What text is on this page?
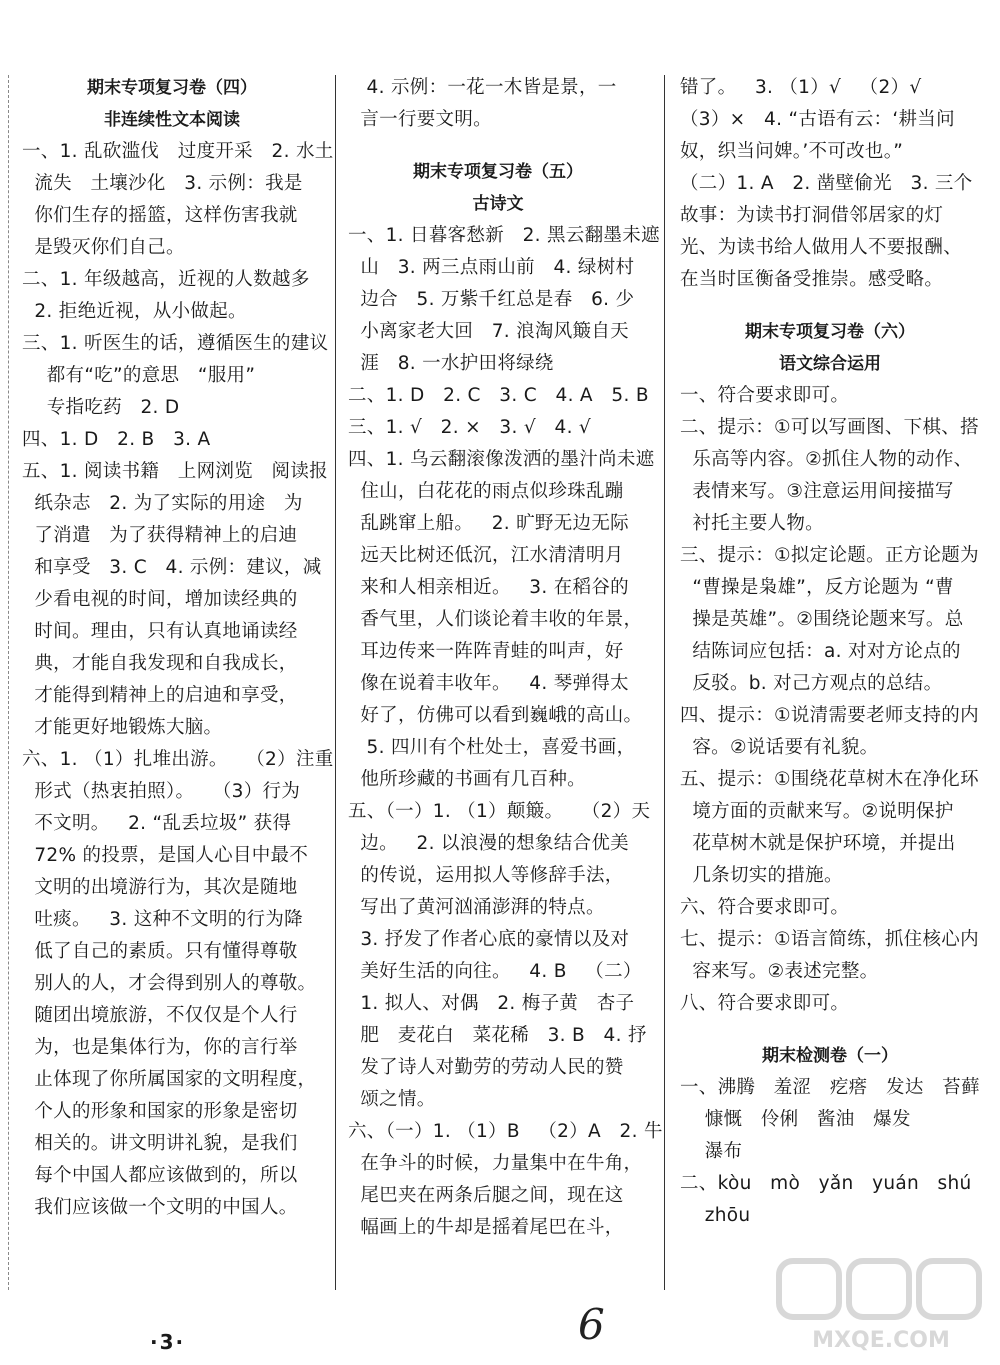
期末专项复习卷（四）
非连续性文本阅读
一、1. 乱砍滥伐   过度开采   2. 水土
流失   土壤沙化   3. 示例：我是
你们生存的摇篮，这样伤害我就
是毁灭你们自己。
二、1. 年级越高，近视的人数越多
2. 拒绝近视，从小做起。
三、1. 听医生的话，遵循医生的建议
都有“吃”的意思   “服用”
专指吃药   2. D
四、1. D   2. B   3. A
五、1. 阅读书籍   上网浏览   阅读报
纸杂志   2. 为了实际的用途   为
了消遣   为了获得精神上的启迪
和享受   3. C   4. 示例：建议，减
少看电视的时间，增加读经典的
时间。理由，只有认真地诵读经
典，才能自我发现和自我成长，
才能得到精神上的启迪和享受，
才能更好地锻炼大脑。
六、1. （1）扎堆出游。   （2）注重
形式（热衷拍照）。   （3）行为
不文明。   2. “乱丢垃圾” 获得
72% 的投票，是国人心目中最不
文明的出境游行为，其次是随地
吐痰。   3. 这种不文明的行为降
低了自己的素质。只有懂得尊敬
别人的人，才会得到别人的尊敬。
随团出境旅游，不仅仅是个人行
为，也是集体行为，你的言行举
止体现了你所属国家的文明程度，
个人的形象和国家的形象是密切
相关的。讲文明讲礼貌，是我们
每个中国人都应该做到的，所以
我们应该做一个文明的中国人。
4. 示例：一花一木皆是景，一
言一行要文明。
期末专项复习卷（五）
古诗文
一、1. 日暮客愁新   2. 黑云翻墨未遮
山   3. 两三点雨山前   4. 绿树村
边合   5. 万紫千红总是春   6. 少
小离家老大回   7. 浪淘风簸自天
涯   8. 一水护田将绿绕
二、1. D   2. C   3. C   4. A   5. B
三、1. √   2. ×   3. √   4. √
四、1. 乌云翻滚像泼洒的墨汁尚未遮
住山，白花花的雨点似珍珠乱蹦
乱跳窜上船。   2. 旷野无边无际
远天比树还低沉，江水清清明月
来和人相亲相近。   3. 在稻谷的
香气里，人们谈论着丰收的年景，
耳边传来一阵阵青蛙的叫声，好
像在说着丰收年。   4. 琴弹得太
好了，仿佛可以看到巍峨的高山。
5. 四川有个杜处士，喜爱书画，
他所珍藏的书画有几百种。
五、（一）1. （1）颠簸。   （2）天
边。   2. 以浪漫的想象结合优美
的传说，运用拟人等修辞手法，
写出了黄河汹涌澎湃的特点。
3. 抒发了作者心底的豪情以及对
美好生活的向往。   4. B   （二）
1. 拟人、对偶   2. 梅子黄   杏子
肥   麦花白   菜花稀   3. B   4. 抒
发了诗人对勤劳的劳动人民的赞
颂之情。
六、（一）1. （1）B   （2）A   2. 牛
在争斗的时候，力量集中在牛角，
尾巴夹在两条后腿之间，现在这
幅画上的牛却是摇着尾巴在斗，
错了。   3. （1）√   （2）√
（3）×   4. “古语有云：‘耕当问
奴，织当问婢。’不可改也。”
（二）1. A   2. 凿壁偷光   3. 三个
故事：为读书打洞借邻居家的灯
光、为读书给人做用人不要报酬、
在当时匡衡备受推崇。感受略。
期末专项复习卷（六）
语文综合运用
一、符合要求即可。
二、提示：①可以写画图、下棋、搭
乐高等内容。②抓住人物的动作、
表情来写。③注意运用间接描写
衬托主要人物。
三、提示：①拟定论题。正方论题为
“曹操是枭雄”，反方论题为 “曹
操是英雄”。②围绕论题来写。总
结陈词应包括：a. 对对方论点的
反驳。b. 对己方观点的总结。
四、提示：①说清需要老师支持的内
容。②说话要有礼貌。
五、提示：①围绕花草树木在净化环
境方面的贡献来写。②说明保护
花草树木就是保护环境，并提出
几条切实的措施。
六、符合要求即可。
七、提示：①语言简练，抓住核心内
容来写。②表述完整。
八、符合要求即可。
期末检测卷（一）
一、沸腾   羞涩   疙瘩   发达   苔藓
慷慨   伶俐   酱油   爆发
瀑布
二、kòu   mò   yǎn   yuán   shú
zhōu
·3·	6	MXQE.COM
